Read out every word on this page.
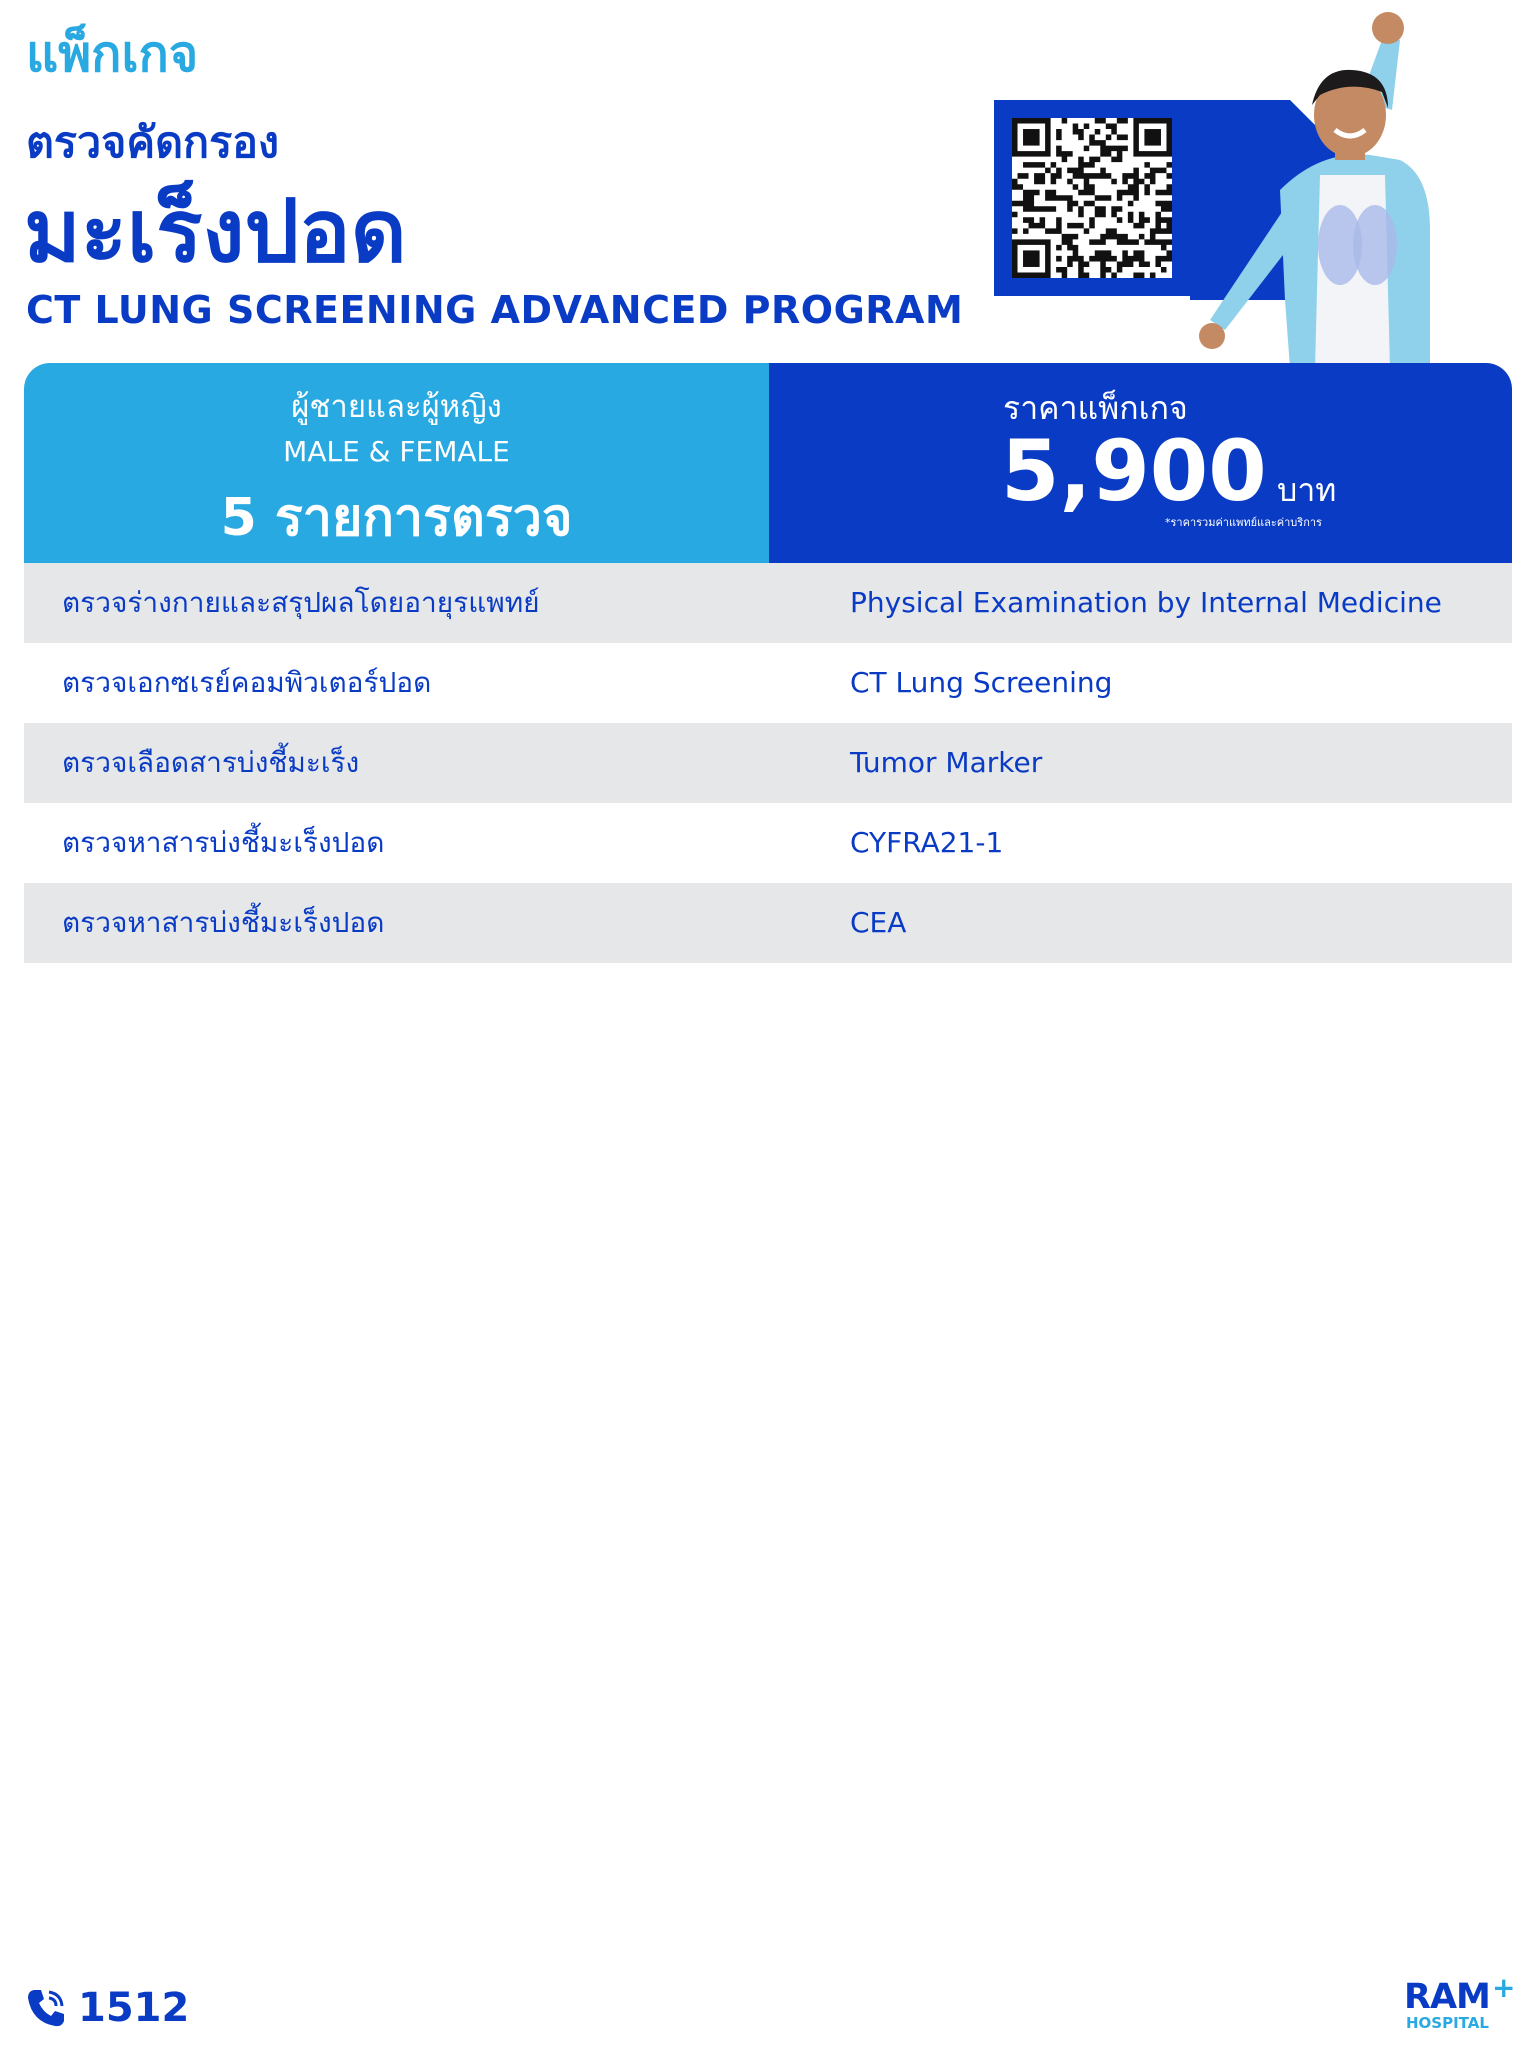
แพ็กเกจ
ตรวจคัดกรอง
มะเร็งปอด
CT LUNG SCREENING ADVANCED PROGRAM
ผู้ชายและผู้หญิง
MALE & FEMALE
5 รายการตรวจ
ราคาแพ็กเกจ
5,900 บาท
*ราคารวมค่าแพทย์และค่าบริการ
ตรวจร่างกายและสรุปผลโดยอายุรแพทย์	Physical Examination by Internal Medicine
ตรวจเอกซเรย์คอมพิวเตอร์ปอด	CT Lung Screening
ตรวจเลือดสารบ่งชี้มะเร็ง	Tumor Marker
ตรวจหาสารบ่งชี้มะเร็งปอด	CYFRA21-1
ตรวจหาสารบ่งชี้มะเร็งปอด	CEA
1512	RAM +
HOSPITAL
